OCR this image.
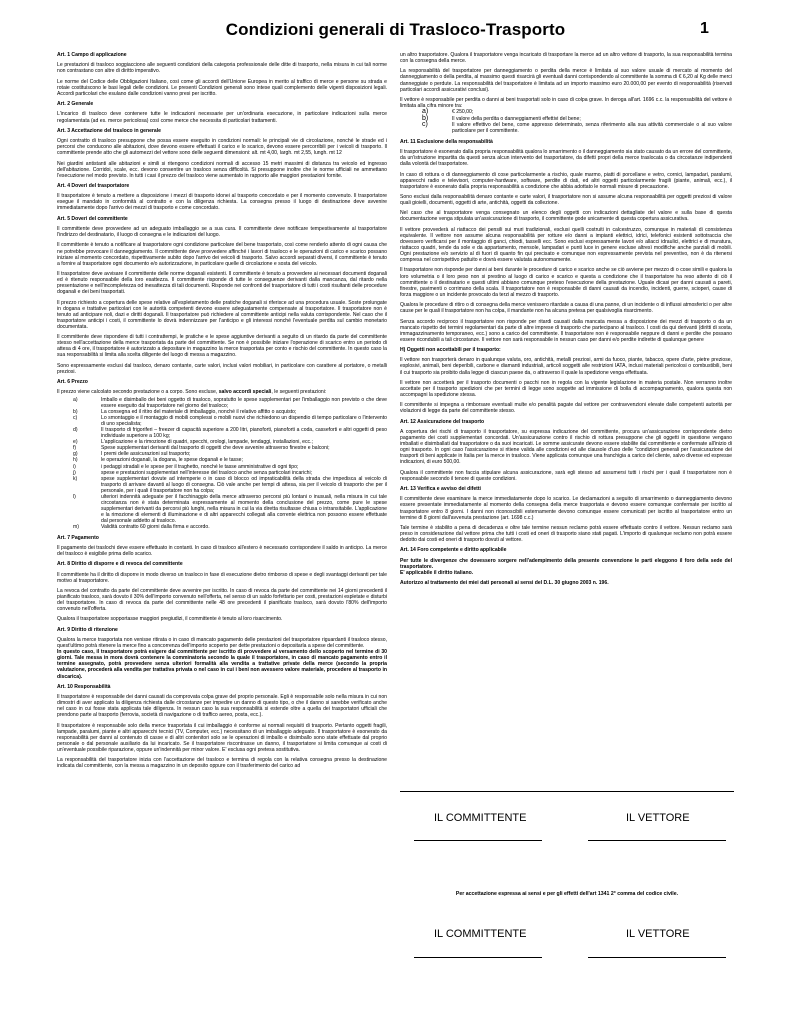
Condizioni generali di Trasloco-Trasporto	1

Art. 1 Campo di applicazione

Le prestazioni di trasloco soggiacciono alle seguenti condizioni della categoria professionale delle ditte di trasporto, nella misura in cui tali norme non contrastano con altre di diritto imperativo.

Le norme del Codice delle Obbligazioni Italiano, così come gli accordi dell'Unione Europea in merito al traffico di merce e persone su strada e rotaie costituiscono le basi legali delle condizioni. Le presenti Condizioni generali sono intese quali complemento delle vigenti disposizioni legali. Accordi particolari che esulano dalle condizioni vanno presi per iscritto.

Art. 2 Generale

L'incarico di trasloco deve contenere tutte le indicazioni necessarie per un'ordinaria esecuzione, in particolare indicazioni sulla merce regolamentata (ad es. merce pericolosa) così come merce che necessita di particolari trattamenti.

Art. 3 Accettazione del trasloco in generale

Ogni contratto di trasloco presuppone che possa essere eseguito in condizioni normali: le principali vie di circolazione, nonché le strade ed i percorsi che conducono alle abitazioni, dove devono essere effettuati il carico e lo scarico, devono essere percorribili per i veicoli di trasporto. Il committente prende atto che gli automezzi del vettore sono delle seguenti dimensioni: alt. mt 4,00, largh. mt 2,55, lungh. mt 12

Nei giardini antistanti alle abitazioni e simili si ritengono condizioni normali di accesso 15 metri massimi di distanza tra veicolo ed ingresso dell'abitazione. Corridoi, scale, ecc. devono consentire un trasloco senza difficoltà. Si presuppone inoltre che le norme ufficiali ne ammettano l'esecuzione nel modo previsto. In tutti i casi il prezzo del trasloco viene aumentato in rapporto alle maggiori prestazioni fornite.

Art. 4 Doveri del trasportatore

Il trasportatore è tenuto a mettere a disposizione i mezzi di trasporto idonei al trasporto concordato e per il momento convenuto. Il trasportatore esegue il mandato in conformità al contratto e con la diligenza richiesta. La consegna presso il luogo di destinazione deve avvenire immediatamente dopo l'arrivo dei mezzi di trasporto e come concordato.

Art. 5 Doveri del committente

Il committente deve provvedere ad un adeguato imballaggio se a sua cura. Il committente deve notificare tempestivamente al trasportatore l'indirizzo del destinatario, il luogo di consegna e le indicazioni del luogo.

Il committente è tenuto a notificare al trasportatore ogni condizione particolare del bene trasportato, così come renderlo attento di ogni causa che ne potrebbe provocare il danneggiamento. Il committente deve provvedere affinché i lavori di trasloco e le operazioni di carico e scarico possano iniziare al momento concordato, rispettivamente subito dopo l'arrivo dei veicoli di trasporto. Salvo accordi separati diversi, il committente è tenuto a fornire al trasportatore ogni documento e/o autorizzazione, in particolare quelle di circolazione e sosta del veicolo.

Il trasportatore deve avvisare il committente delle norme doganali esistenti. Il committente è tenuto a provvedere ai necessari documenti doganali ed è ritenuto responsabile della loro esattezza. Il committente risponde di tutte le conseguenze derivanti dalla mancanza, dal ritardo nella presentazione e nell'incompletezza od inesattezza di tali documenti. Risponde nei confronti del trasportatore di tutti i costi risultanti delle procedure doganali e dei beni trasportati.

Il prezzo richiesto a copertura delle spese relative all'espletamento delle pratiche doganali si riferisce ad una procedura usuale. Soste prolungate in dogana e trattative particolari con le autorità competenti devono essere adeguatamente compensate al trasportatore. Il trasportatore non è tenuto ad anticipare noli, dazi e diritti doganali. Il trasportatore può richiedere al committente anticipi nella valuta corrispondente. Nel caso che il trasportatore anticipi i costi, il committente lo dovrà indennizzare per l'anticipo e gli interessi nonché l'eventuale perdita sul cambio monetario documentata.

Il committente deve rispondere di tutti i contrattempi, le pratiche e le spese aggiuntive derivanti a seguito di un ritardo da parte del committente stesso nell'accettazione della merce trasportata da parte del committente. Se non è possibile iniziare l'operazione di scarico entro un periodo di attesa di 4 ore, il trasportatore è autorizzato a depositare in magazzino la merce trasportata per conto e rischio del committente. In questo caso la sua responsabilità si limita alla scelta diligente del luogo di messa a magazzino.

Sono espressamente esclusi dal trasloco, denaro contante, carte valori, inclusi valori mobiliari, in particolare con carattere al portatore, o metalli preziosi.

Art. 6 Prezzo

Il prezzo viene calcolato secondo prestazione o a corpo. Sono escluse, salvo accordi speciali, le seguenti prestazioni:

a)	Imballo e disimballo dei beni oggetto di trasloco, sopratutto le spese supplementari per l'imballaggio non previsto o che deve essere eseguito dal trasportatore nel giorno del trasloco;
b)	La consegna ed il ritiro del materiale di imballaggio, nonché il relativo affitto o acquisto;
c)	Lo smontaggio e il montaggio di mobili complessi o mobili nuovi che richiedono un dispendio di tempo particolare o l'intervento di uno specialista;
d)	Il trasporto di frigoriferi – freezer di capacità superiore a 200 litri, pianoforti, pianoforti a coda, casseforti e altri oggetti di peso individuale superiore a 100 kg;
e)	L'applicazione e la rimozione di quadri, specchi, orologi, lampade, tendaggi, installazioni, ecc.;
f)	Spese supplementari derivanti dal trasporto di oggetti che deve avvenire attraverso finestre e balconi;
g)	I premi delle assicurazioni sul trasporto;
h)	le operazioni doganali, la dogana, le spese doganali e le tasse;
i)	i pedaggi stradali e le spese per il traghetto, nonché le tasse amministrative di ogni tipo;
j)	spese e prestazioni supplementari nell'interesse del trasloco anche senza particolari incarichi;
k)	spese supplementari dovute ad intemperie o in caso di blocco od impraticabilità della strada che impedisca al veicolo di trasporto di arrivare davanti al luogo di consegna. Ciò vale anche per tempi di attesa, sia per il veicolo di trasporto che per il personale, per i quali il trasportatore non ha colpa;
l)	ulteriori indennità adeguate per il facchinaggio della merce attraverso percorsi più lontani o inusuali, nella misura in cui tale circostanza non è stata determinata espressamente al momento della conclusione del prezzo, come pure le spese supplementari derivanti da percorsi più lunghi, nella misura in cui la via diretta risultasse chiusa o intransitabile. L'applicazione e la rimozione di elementi di illuminazione e di altri apparecchi collegati alla corrente elettrica non possono essere effettuate dal personale addetto al trasloco.
m)	Validità contratto 60 giorni dalla firma e accordo.

Art. 7 Pagamento

Il pagamento dei traslochi deve essere effettuato in contanti. In caso di trasloco all'estero è necessario corrispondere il saldo in anticipo. La merce del trasloco è esigibile prima dello scarico.

Art. 8 Diritto di disporre e di revoca del committente

Il committente ha il diritto di disporre in modo diverso un trasloco in fase di esecuzione dietro rimborso di spese e degli svantaggi derivanti per tale motivo al trasportatore.

La revoca del contratto da parte del committente deve avvenire per iscritto. In caso di revoca da parte del committente nei 14 giorni precedenti il pianificato trasloco, sarà dovuto il 30% dell'importo convenuto nell'offerta, nel senso di un saldo forfettario per costi, prestazioni espletate e disturbi del trasportatore. In caso di revoca da parte del committente nelle 48 ore precedenti il pianificato trasloco, sarà dovuto l'80% dell'importo convenuto nell'offerta.

Qualora il trasportatore sopportasse maggiori pregiudizi, il committente è tenuto al loro risarcimento.

Art. 9 Diritto di ritenzione

Qualora la merce trasportata non venisse ritirata o in caso di mancato pagamento delle prestazioni del trasportatore riguardanti il trasloco stesso, quest'ultimo potrà ritenere la merce fino a concorrenza dell'importo scoperto per dette prestazioni o depositarla a spese del committente.

In questo caso, il trasportatore potrà esigere dal committente per iscritto di provvedere al versamento dello scoperto nel termine di 30 giorni. Tale messa in mora dovrà contenere la comminatoria secondo la quale il trasportatore, in caso di mancato pagamento entro il termine assegnato, potrà provvedere senza ulteriori formalità alla vendita a trattative private della merce (secondo la propria valutazione, procederà alla vendita per trattativa privata o nel caso in cui i beni non avessero valore materiale, procedere al trasporto in discarica).

Art. 10 Responsabilità

Il trasportatore è responsabile dei danni causati da comprovata colpa grave del proprio personale. Egli è responsabile solo nella misura in cui non dimostri di aver applicato la diligenza richiesta dalle circostanze per impedire un danno di questo tipo, o che il danno si sarebbe verificato anche nel caso in cui fosse stata applicata tale diligenza. In nessun caso la sua responsabilità si estende oltre a quella dei trasportatori ufficiali che prendono parte al trasporto (ferrovia, società di navigazione o di traffico aereo, posta, ecc.).

Il trasportatore è responsabile solo della merce trasportata il cui imballaggio è conforme ai normali requisiti di trasporto. Pertanto oggetti fragili, lampade, paralumi, piante e altri apparecchi tecnici (TV, Computer, ecc.) necessitano di un imballaggio adeguato. Il trasportatore è esonerato da responsabilità per danni al contenuto di casse e di altri contenitori solo se le operazioni di imballo e disimballo sono state effettuate dal proprio personale o dal personale ausiliario da lui incaricato. Se il trasportatore riscontrasse un danno, il trasportatore si limita comunque ai costi di un'eventuale possibile riparazione, oppure un'indennità per minor valore. E' esclusa ogni pretesa sostitutiva.

La responsabilità del trasportatore inizia con l'accettazione del trasloco e termina di regola con la relativa consegna presso la destinazione indicata dal committente, con la messa a magazzino in un deposito oppure con il trasferimento del carico ad

un altro trasportatore. Qualora il trasportatore venga incaricato di trasportare la merce ad un altro vettore di trasporto, la sua responsabilità termina con la consegna della merce.

La responsabilità del trasportatore per danneggiamento o perdita della merce è limitata al suo valore usuale di mercato al momento del danneggiamento o della perdita, al massimo questi risarcirà gli eventuali danni corrispondendo al committente la somma di € 6,20 al Kg delle merci danneggiate o perdute. La responsabilità del trasportatore è limitata ad un importo massimo euro 20.000,00 per evento di responsabilità (riservati particolari accordi assicurativi conclusi).

Il vettore è responsabile per perdita o danni ai beni trasportati solo in caso di colpa grave. In deroga all'art. 1696 c.c. la responsabilità del vettore è limitata alla cifra minore tra:

a)	€ 250,00;
b)	Il valore della perdita o danneggiamenti effettivi del bene;
c)	Il valore effettivo del bene, come appresso determinato, senza riferimento alla sua attività commerciale o al suo valore particolare per il committente.

Art. 11 Esclusione della responsabilità

Il trasportatore è esonerato dalla propria responsabilità qualora lo smarrimento o il danneggiamento sia stato causato da un errore del committente, da un'istruzione impartita da questi senza alcun intervento del trasportatore, da difetti propri della merce traslocata o da circostanze indipendenti dalla volontà del trasportatore.

In caso di rottura o di danneggiamento di cose particolarmente a rischio, quale marmo, piatti di porcellane e vetro, cornici, lampadari, paralumi, apparecchi radio e televisori, computer-hardware, software, perdite di dati, ed altri oggetti particolarmente fragili (piante, animali, ecc.), il trasportatore è esonerato dalla propria responsabilità a condizione che abbia adottato le normali misure di precauzione.

Sono esclusi dalla responsabilità denaro contante e carte valori, il trasportatore non si assume alcuna responsabilità per oggetti preziosi di valore quali gioielli, documenti, oggetti di arte, antichità, oggetti da collezione.

Nel caso che al trasportatore venga consegnato un elenco degli oggetti con indicazioni dettagliate del valore e sulla base di questa documentazione venga stipulata un'assicurazione di trasporto, il committente gode unicamente di questa copertura assicurativa.

Il vettore provvederà al riattacco dei pensili sui muri tradizionali, esclusi quelli costruiti in calcestruzzo, comunque in materiali di consistenza equivalente. Il vettore non assume alcuna responsabilità per rotture e/o danni a impianti elettrici, idrici, telefonici esistenti sottotraccia che dovessero verificarsi per il montaggio di ganci, chiodi, tasselli ecc. Sono esclusi espressamente lavori e/o allacci idraulici, elettrici e di muratura, riattacco quadri, tende da sole e da appartamento, mensole, lampadari e punti luce in genere escluse altresì modifiche anche parziali di mobili. Ogni prestazione e/o servizio al di fuori di quanto fin qui precisato e comunque non espressamente prevista nel preventivo, non è da ritenersi compresa nel corrispettivo pattuito e dovrà essere valutata autonomamente.

Il trasportatore non risponde per danni ai beni durante le procedure di carico e scarico anche se ciò avviene per mezzo di o cose simili e qualora la loro volumetria o il loro peso non si prestino al luogo di carico e scarico e questa a condizione che il trasportatore ha reso attento di ciò il committente o il destinatario e questi ultimi abbiano comunque preteso l'esecuzione della prestazione. Uguale dicasi per danni causati a pareti, finestre, pavimenti o corrimano della scala. Il trasportatore non è responsabile di danni causati da incendio, incidenti, guerre, scioperi, cause di forza maggiore o un incidente provocato da terzi al mezzo di trasporto.

Qualora le procedure di ritiro o di consegna della merce venissero ritardate a causa di una panne, di un incidente o di influssi atmosferici o per altre cause per le quali il trasportatore non ha colpa, il mandante non ha alcuna pretesa per qualsivoglia risarcimento.

Senza accordo reciproco il trasportatore non risponde per ritardi causati dalla mancata messa a disposizione dei mezzi di trasporto o da un mancato rispetto dei termini regolamentari da parte di altre imprese di trasporto che partecipano al trasloco. I costi da qui derivanti (diritti di sosta, immagazzinamento temporaneo, ecc.) sono a carico del committente. Il trasportatore non è responsabile neppure di danni e perdite che possano essere ricondubili a tali circostanze. Il vettore non sarà responsabile in nessun caso per danni e/o perdite indirette di qualunque genere

H) Oggetti non accettabili per il trasporto:

Il vettore non trasporterà denaro in qualunque valuta, oro, antichità, metalli preziosi, armi da fuoco, piante, tabacco, opere d'arte, pietre preziose, esplosivi, animali, beni deperibili, carbone e diamanti industriali, articoli soggetti alle restrizioni IATA, inclusi materiali pericolosi o combustibili, beni il cui trasporto sia proibito dalla legge di ciascun paese da, o attraverso il quale la spedizione venga effettuata.

Il vettore non accetterà per il trasporto documenti o pacchi non in regola con la vigente legislazione in materia postale. Non verranno inoltre accettate per il trasporto spedizioni che per termini di legge sono soggette ad immissione di bolla di accompagnamento, qualora questa non accompagni la spedizione stessa.

Il committente si impegna a rimborsare eventuali multe e/o penalità pagate dal vettore per contravvenzioni elevate dalle competenti autorità per violazioni di legge da parte del committente stesso.

Art. 12 Assicurazione del trasporto

A copertura dei rischi di trasporto il trasportatore, su espressa indicazione del committente, procura un'assicurazione corrispondente dietro pagamento dei costi supplementari concordati. Un'assicurazione contro il rischio di rottura presuppone che gli oggetti in questione vengano imballati e disimballati dal trasportatore o da suoi incaricati. Le somme assicurate devono essere stabilite dal committente e confermate all'inizio di ogni trasporto. In ogni caso l'assicurazione si ritiene valida alle condizioni ed alle clausole d'uso delle "condizioni generali per l'assicurazione dei trasporti di beni applicate in Italia per la merce in trasloco. Viene applicata comunque una franchigia a carico del cliente, salvo diverse ed espresse indicazioni, di euro 500,00.

Qualora il committente non faccia stipulare alcuna assicurazione, sarà egli stesso ad assumersi tutti i rischi per i quali il trasportatore non è responsabile secondo il tenore di queste condizioni.

Art. 13 Verifica e avviso dei difetti

Il committente deve esaminare la merce immediatamente dopo lo scarico. Le declamazioni a seguito di smarrimento o danneggiamento devono essere presentate immediatamente al momento della consegna della merce trasportata e devono essere comunque confermate per iscritto al trasportatore entro 8 giorni. I danni non riconoscibili esternamente devono comunque essere comunicati per iscritto al trasportatore entro un termine di 8 giorni dall'avvenuta prestazione (art. 1698 c.c.)

Tale termine è stabilito a pena di decadenza e oltre tale termine nessun reclamo potrà essere effettuato contro il vettore. Nessun reclamo sarà preso in considerazione dal vettore prima che tutti i costi ed oneri di trasporto siano stati pagati. L'importo di qualunque reclamo non potrà essere dedotto dai costi ed oneri di trasporto dovuti al vettore.

Art. 14 Foro competente e diritto applicabile

Per tutte le divergenze che dovessero sorgere nell'adempimento della presente convenzione le parti eleggono il foro della sede del trasportatore.

E' applicabile il diritto italiano.

Autorizzo al trattamento dei miei dati personali ai sensi del D.L. 30 giugno 2003 n. 196.

IL COMMITTENTE	IL VETTORE
Per accettazione espressa ai sensi e per gli effetti dell'art 1341 2° comma del codice civile.
IL COMMITTENTE	IL VETTORE
